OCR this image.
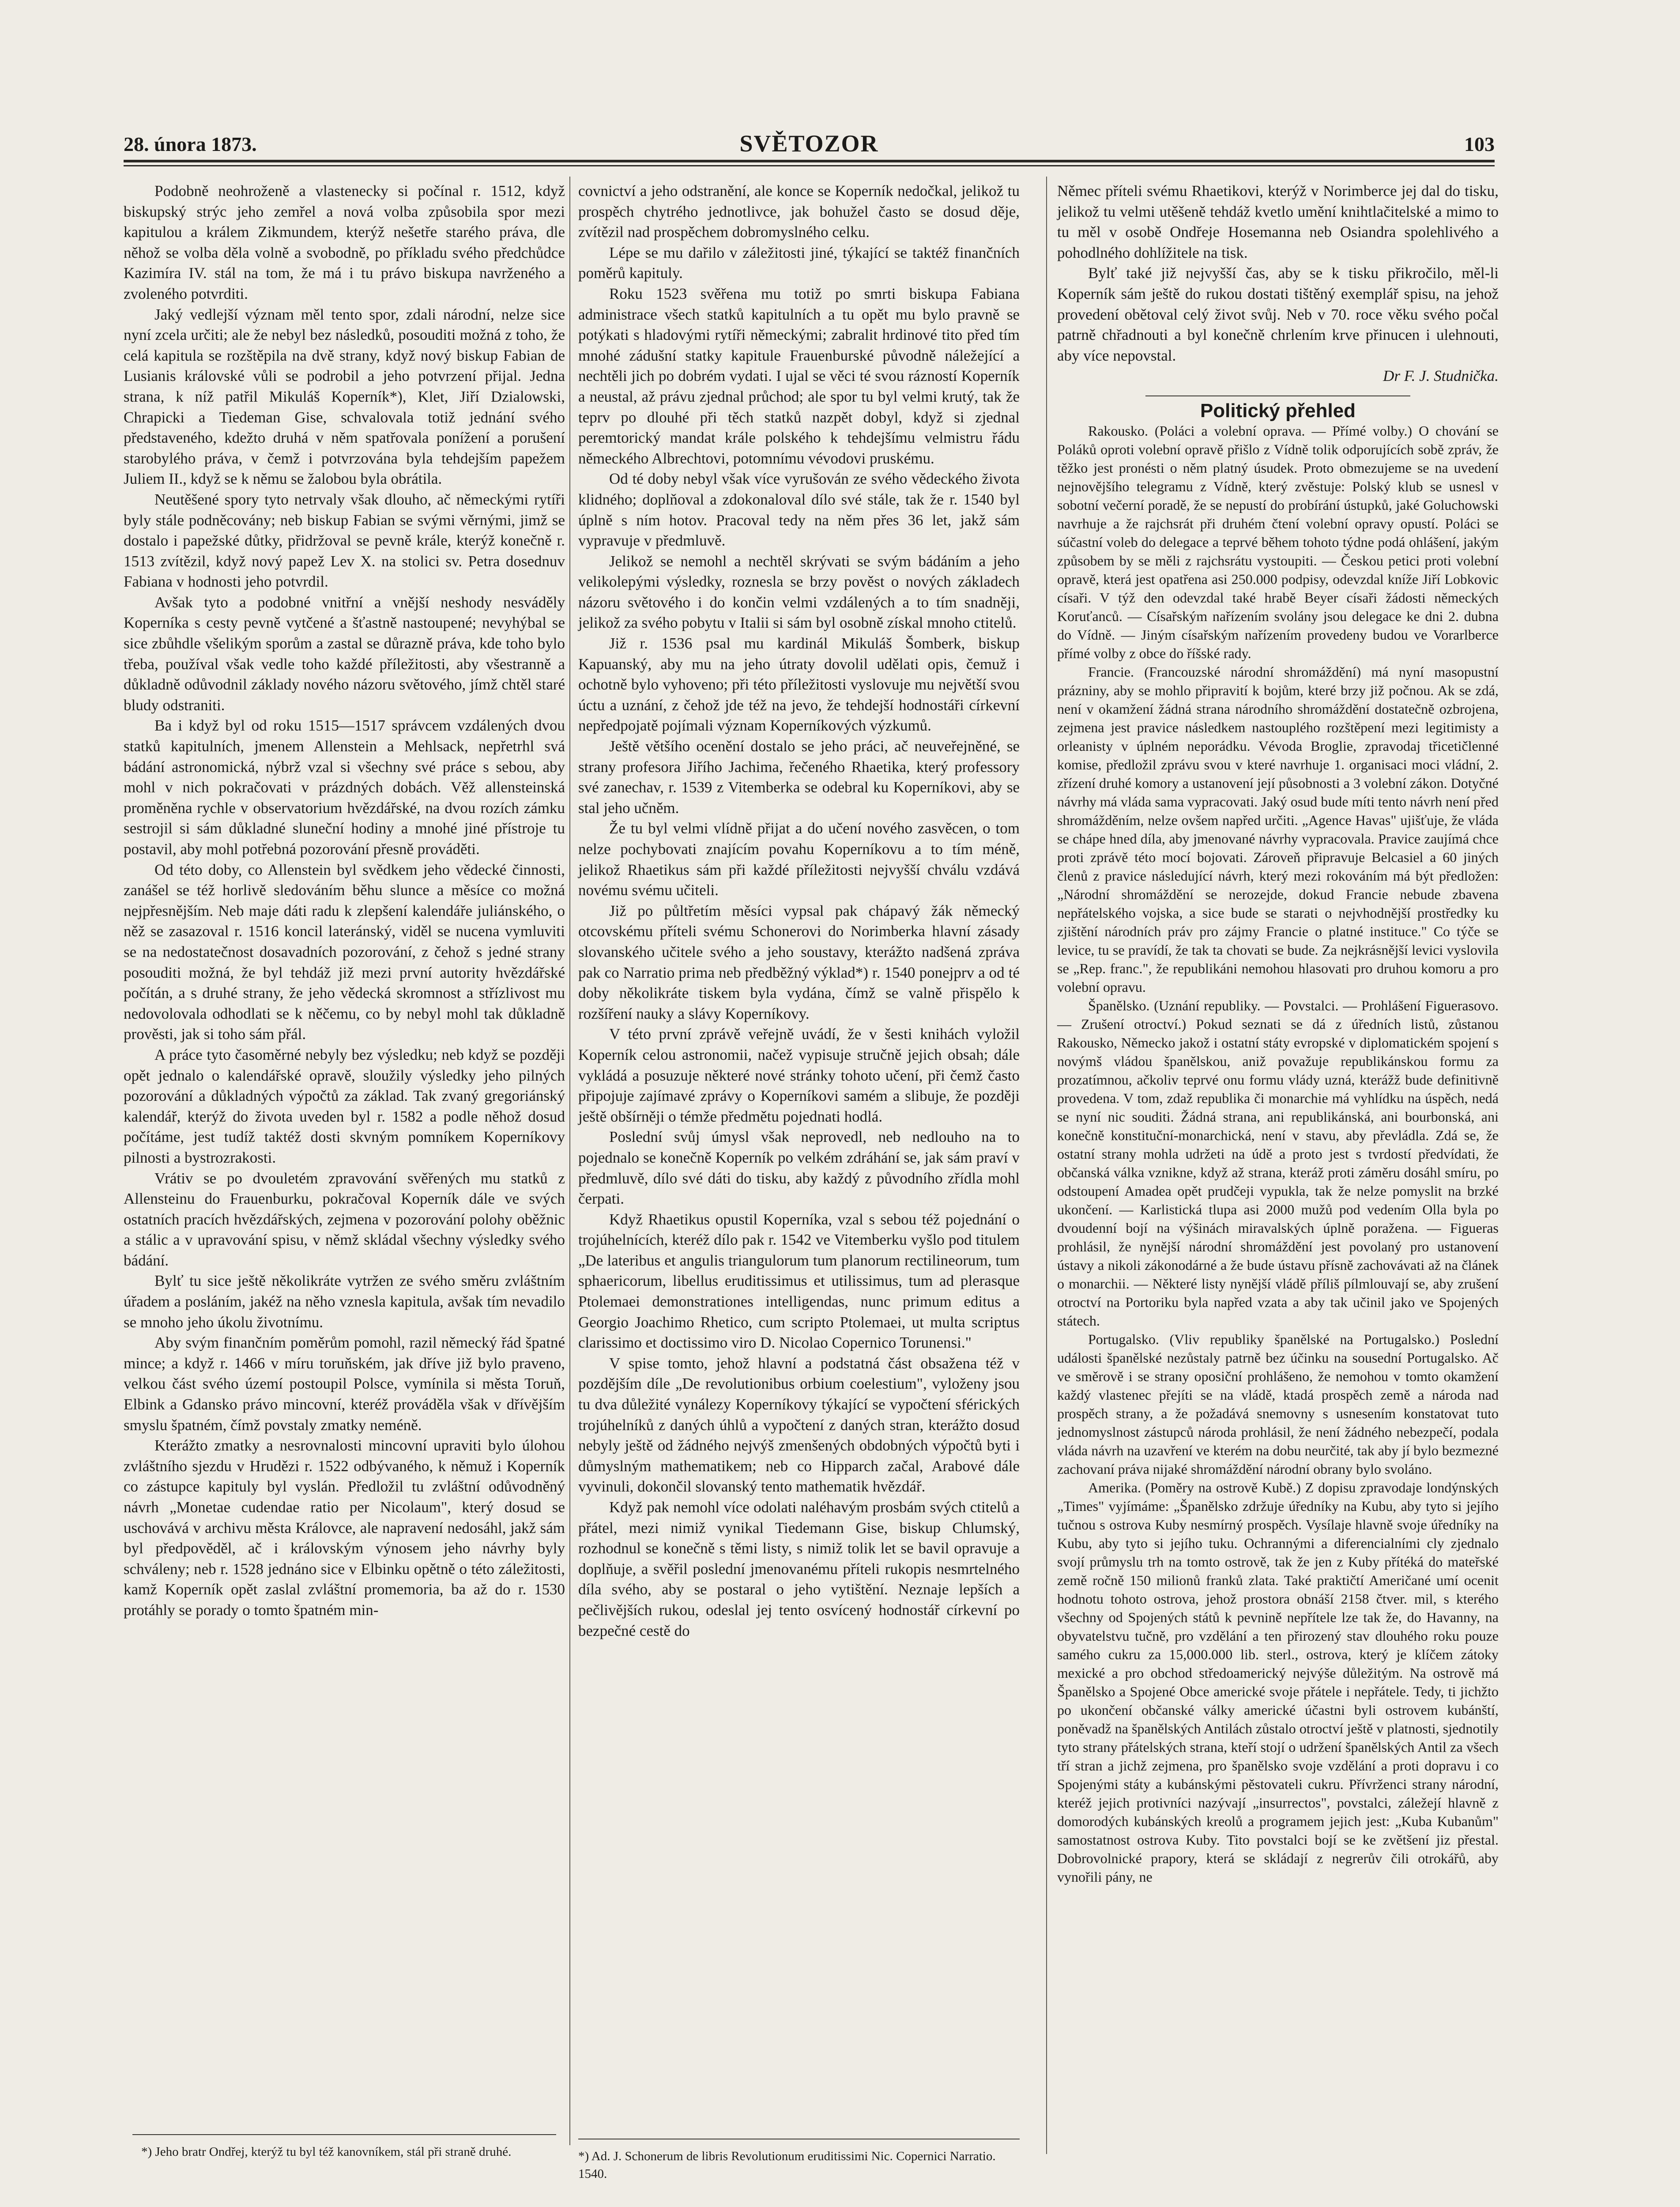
28. února 1873.	SVĚTOZOR	103

Podobně neohroženě a vlastenecky si počínal r. 1512, když biskupský strýc jeho zemřel a nová volba způsobila spor mezi kapitulou a králem Zikmundem, kterýž nešetře starého práva, dle něhož se volba děla volně a svobodně, po příkladu svého předchůdce Kazimíra IV. stál na tom, že má i tu právo biskupa navrženého a zvoleného potvrditi.

Jaký vedlejší význam měl tento spor, zdali národní, nelze sice nyní zcela určiti; ale že nebyl bez následků, posouditi možná z toho, že celá kapitula se rozštěpila na dvě strany, když nový biskup Fabian de Lusianis královské vůli se podrobil a jeho potvrzení přijal. Jedna strana, k níž patřil Mikuláš Koperník*), Klet, Jiří Dzialowski, Chrapicki a Tiedeman Gise, schvalovala totiž jednání svého představeného, kdežto druhá v něm spatřovala ponížení a porušení starobylého práva, v čemž i potvrzována byla tehdejším papežem Juliem II., když se k němu se žalobou byla obrátila.

Neutěšené spory tyto netrvaly však dlouho, ač německými rytíři byly stále podněcovány; neb biskup Fabian se svými věrnými, jimž se dostalo i papežské důtky, přidržoval se pevně krále, kterýž konečně r. 1513 zvítězil, když nový papež Lev X. na stolici sv. Petra dosednuv Fabiana v hodnosti jeho potvrdil.

Avšak tyto a podobné vnitřní a vnější neshody nesváděly Koperníka s cesty pevně vytčené a šťastně nastoupené; nevyhýbal se sice zbůhdle všelikým sporům a zastal se důrazně práva, kde toho bylo třeba, používal však vedle toho každé příležitosti, aby všestranně a důkladně odůvodnil základy nového názoru světového, jímž chtěl staré bludy odstraniti.

Ba i když byl od roku 1515—1517 správcem vzdálených dvou statků kapitulních, jmenem Allenstein a Mehlsack, nepřetrhl svá bádání astronomická, nýbrž vzal si všechny své práce s sebou, aby mohl v nich pokračovati v prázdných dobách. Věž allensteinská proměněna rychle v observatorium hvězdářské, na dvou rozích zámku sestrojil si sám důkladné sluneční hodiny a mnohé jiné přístroje tu postavil, aby mohl potřebná pozorování přesně prováděti.

Od této doby, co Allenstein byl svědkem jeho vědecké činnosti, zanášel se též horlivě sledováním běhu slunce a měsíce co možná nejpřesnějším. Neb maje dáti radu k zlepšení kalendáře juliánského, o něž se zasazoval r. 1516 koncil lateránský, viděl se nucena vymluviti se na nedostatečnost dosavadních pozorování, z čehož s jedné strany posouditi možná, že byl tehdáž již mezi první autority hvězdářské počítán, a s druhé strany, že jeho vědecká skromnost a střízlivost mu nedovolovala odhodlati se k něčemu, co by nebyl mohl tak důkladně prověsti, jak si toho sám přál.

A práce tyto časoměrné nebyly bez výsledku; neb když se později opět jednalo o kalendářské opravě, sloužily výsledky jeho pilných pozorování a důkladných výpočtů za základ. Tak zvaný gregoriánský kalendář, kterýž do života uveden byl r. 1582 a podle něhož dosud počítáme, jest tudíž taktéž dosti skvným pomníkem Koperníkovy pilnosti a bystrozrakosti.

Vrátiv se po dvouletém zpravování svěřených mu statků z Allensteinu do Frauenburku, pokračoval Koperník dále ve svých ostatních pracích hvězdářských, zejmena v pozorování polohy oběžnic a stálic a v upravování spisu, v němž skládal všechny výsledky svého bádání.

Bylť tu sice ještě několikráte vytržen ze svého směru zvláštním úřadem a posláním, jakéž na něho vznesla kapitula, avšak tím nevadilo se mnoho jeho úkolu životnímu.

Aby svým finančním poměrům pomohl, razil německý řád špatné mince; a když r. 1466 v míru toruňském, jak dříve již bylo praveno, velkou část svého území postoupil Polsce, vymínila si města Toruň, Elbink a Gdansko právo mincovní, kteréž prováděla však v dřívějším smyslu špatném, čímž povstaly zmatky neméně.

Kterážto zmatky a nesrovnalosti mincovní upraviti bylo úlohou zvláštního sjezdu v Hrudězi r. 1522 odbývaného, k němuž i Koperník co zástupce kapituly byl vyslán. Předložil tu zvláštní odůvodněný návrh „Monetae cudendae ratio per Nicolaum", který dosud se uschovává v archivu města Královce, ale napravení nedosáhl, jakž sám byl předpověděl, ač i královským výnosem jeho návrhy byly schváleny; neb r. 1528 jednáno sice v Elbinku opětně o této záležitosti, kamž Koperník opět zaslal zvláštní promemoria, ba až do r. 1530 protáhly se porady o tomto špatném min-

*) Jeho bratr Ondřej, kterýž tu byl též kanovníkem, stál při straně druhé.

covnictví a jeho odstranění, ale konce se Koperník nedočkal, jelikož tu prospěch chytrého jednotlivce, jak bohužel často se dosud děje, zvítězil nad prospěchem dobromyslného celku.

Lépe se mu dařilo v záležitosti jiné, týkající se taktéž finančních poměrů kapituly.

Roku 1523 svěřena mu totiž po smrti biskupa Fabiana administrace všech statků kapitulních a tu opět mu bylo pravně se potýkati s hladovými rytíři německými; zabralit hrdinové tito před tím mnohé zádušní statky kapitule Frauenburské původně náležející a nechtěli jich po dobrém vydati. I ujal se věci té svou rázností Koperník a neustal, až právu zjednal průchod; ale spor tu byl velmi krutý, tak že teprv po dlouhé při těch statků nazpět dobyl, když si zjednal peremtorický mandat krále polského k tehdejšímu velmistru řádu německého Albrechtovi, potomnímu vévodovi pruskému.

Od té doby nebyl však více vyrušován ze svého vědeckého života klidného; doplňoval a zdokonaloval dílo své stále, tak že r. 1540 byl úplně s ním hotov. Pracoval tedy na něm přes 36 let, jakž sám vypravuje v předmluvě.

Jelikož se nemohl a nechtěl skrývati se svým bádáním a jeho velikolepými výsledky, roznesla se brzy pověst o nových základech názoru světového i do končin velmi vzdálených a to tím snadněji, jelikož za svého pobytu v Italii si sám byl osobně získal mnoho ctitelů.

Již r. 1536 psal mu kardinál Mikuláš Šomberk, biskup Kapuanský, aby mu na jeho útraty dovolil udělati opis, čemuž i ochotně bylo vyhoveno; při této příležitosti vyslovuje mu největší svou úctu a uznání, z čehož jde též na jevo, že tehdejší hodnostáři církevní nepředpojatě pojímali význam Koperníkových výzkumů.

Ještě většího ocenění dostalo se jeho práci, ač neuveřejněné, se strany profesora Jiřího Jachima, řečeného Rhaetika, který professory své zanechav, r. 1539 z Vitemberka se odebral ku Koperníkovi, aby se stal jeho učněm.

Že tu byl velmi vlídně přijat a do učení nového zasvěcen, o tom nelze pochybovati znajícím povahu Koperníkovu a to tím méně, jelikož Rhaetikus sám při každé příležitosti nejvyšší chválu vzdává novému svému učiteli.

Již po půltřetím měsíci vypsal pak chápavý žák německý otcovskému příteli svému Schonerovi do Norimberka hlavní zásady slovanského učitele svého a jeho soustavy, kterážto nadšená zpráva pak co Narratio prima neb předběžný výklad*) r. 1540 ponejprv a od té doby několikráte tiskem byla vydána, čímž se valně přispělo k rozšíření nauky a slávy Koperníkovy.

V této první zprávě veřejně uvádí, že v šesti knihách vyložil Koperník celou astronomii, načež vypisuje stručně jejich obsah; dále vykládá a posuzuje některé nové stránky tohoto učení, při čemž často připojuje zajímavé zprávy o Koperníkovi samém a slibuje, že později ještě obšírněji o témže předmětu pojednati hodlá.

Poslední svůj úmysl však neprovedl, neb nedlouho na to pojednalo se konečně Koperník po velkém zdráhání se, jak sám praví v předmluvě, dílo své dáti do tisku, aby každý z původního zřídla mohl čerpati.

Když Rhaetikus opustil Koperníka, vzal s sebou též pojednání o trojúhelnících, kteréž dílo pak r. 1542 ve Vitemberku vyšlo pod titulem „De lateribus et angulis triangulorum tum planorum rectilineorum, tum sphaericorum, libellus eruditissimus et utilissimus, tum ad plerasque Ptolemaei demonstrationes intelligendas, nunc primum editus a Georgio Joachimo Rhetico, cum scripto Ptolemaei, ut multa scriptus clarissimo et doctissimo viro D. Nicolao Copernico Torunensi."

V spise tomto, jehož hlavní a podstatná část obsažena též v pozdějším díle „De revolutionibus orbium coelestium", vyloženy jsou tu dva důležité vynálezy Koperníkovy týkající se vypočtení sférických trojúhelníků z daných úhlů a vypočtení z daných stran, kterážto dosud nebyly ještě od žádného nejvýš zmenšených obdobných výpočtů byti i důmyslným mathematikem; neb co Hipparch začal, Arabové dále vyvinuli, dokončil slovanský tento mathematik hvězdář.

Když pak nemohl více odolati naléhavým prosbám svých ctitelů a přátel, mezi nimiž vynikal Tiedemann Gise, biskup Chlumský, rozhodnul se konečně s těmi listy, s nimiž tolik let se bavil opravuje a doplňuje, a svěřil poslední jmenovanému příteli rukopis nesmrtelného díla svého, aby se postaral o jeho vytištění. Neznaje lepších a pečlivějších rukou, odeslal jej tento osvícený hodnostář církevní po bezpečné cestě do

*) Ad. J. Schonerum de libris Revolutionum eruditissimi Nic. Copernici Narratio. 1540.

Němec příteli svému Rhaetikovi, kterýž v Norimberce jej dal do tisku, jelikož tu velmi utěšeně tehdáž kvetlo umění knihtlačitelské a mimo to tu měl v osobě Ondřeje Hosemanna neb Osiandra spolehlivého a pohodlného dohlížitele na tisk.

Bylť také již nejvyšší čas, aby se k tisku přikročilo, měl-li Koperník sám ještě do rukou dostati tištěný exemplář spisu, na jehož provedení obětoval celý život svůj. Neb v 70. roce věku svého počal patrně chřadnouti a byl konečně chrlením krve přinucen i ulehnouti, aby více nepovstal.

Dr F. J. Studnička.

Politický přehled

Rakousko. (Poláci a volební oprava. — Přímé volby.) O chování se Poláků oproti volební opravě přišlo z Vídně tolik odporujících sobě zpráv, že těžko jest pronésti o něm platný úsudek. Proto obmezujeme se na uvedení nejnovějšího telegramu z Vídně, který zvěstuje: Polský klub se usnesl v sobotní večerní poradě, že se nepustí do probírání ústupků, jaké Goluchowski navrhuje a že rajchsrát při druhém čtení volební opravy opustí. Poláci se súčastní voleb do delegace a teprvé během tohoto týdne podá ohlášení, jakým způsobem by se měli z rajchsrátu vystoupiti. — Českou petici proti volební opravě, která jest opatřena asi 250.000 podpisy, odevzdal kníže Jiří Lobkovic císaři. V týž den odevzdal také hrabě Beyer císaři žádosti německých Koruťanců. — Císařským nařízením svolány jsou delegace ke dni 2. dubna do Vídně. — Jiným císařským nařízením provedeny budou ve Vorarlberce přímé volby z obce do říšské rady.

Francie. (Francouzské národní shromáždění) má nyní masopustní prázniny, aby se mohlo připravití k bojům, které brzy již počnou. Ak se zdá, není v okamžení žádná strana národního shromáždění dostatečně ozbrojena, zejmena jest pravice následkem nastouplého rozštěpení mezi legitimisty a orleanisty v úplném neporádku. Vévoda Broglie, zpravodaj třicetičlenné komise, předložil zprávu svou v které navrhuje 1. organisaci moci vládní, 2. zřízení druhé komory a ustanovení její působnosti a 3 volební zákon. Dotyčné návrhy má vláda sama vypracovati. Jaký osud bude míti tento návrh není před shromážděním, nelze ovšem napřed určiti. „Agence Havas" ujišťuje, že vláda se chápe hned díla, aby jmenované návrhy vypracovala. Pravice zaujímá chce proti zprávě této mocí bojovati. Zároveň připravuje Belcasiel a 60 jiných členů z pravice následující návrh, který mezi rokováním má být předložen: „Národní shromáždění se nerozejde, dokud Francie nebude zbavena nepřátelského vojska, a sice bude se starati o nejvhodnější prostředky ku zjištění národních práv pro zájmy Francie o platné instituce." Co týče se levice, tu se pravídí, že tak ta chovati se bude. Za nejkrásnější levici vyslovila se „Rep. franc.", že republikáni nemohou hlasovati pro druhou komoru a pro volební opravu.

Španělsko. (Uznání republiky. — Povstalci. — Prohlášení Figuerasovo. — Zrušení otroctví.) Pokud seznati se dá z úředních listů, zůstanou Rakousko, Německo jakož i ostatní státy evropské v diplomatickém spojení s novýmš vládou španělskou, aniž považuje republikánskou formu za prozatímnou, ačkoliv teprvé onu formu vlády uzná, kterážž bude definitivně provedena. V tom, zdaž republika či monarchie má vyhlídku na úspěch, nedá se nyní nic souditi. Žádná strana, ani republikánská, ani bourbonská, ani konečně konstituční-monarchická, není v stavu, aby převládla. Zdá se, že ostatní strany mohla udržeti na údě a proto jest s tvrdostí předvídati, že občanská válka vznikne, když až strana, kteráž proti záměru dosáhl smíru, po odstoupení Amadea opět prudčeji vypukla, tak že nelze pomyslit na brzké ukončení. — Karlistická tlupa asi 2000 mužů pod vedením Olla byla po dvoudenní bojí na výšinách miravalských úplně poražena. — Figueras prohlásil, že nynější národní shromáždění jest povolaný pro ustanovení ústavy a nikoli zákonodárné a že bude ústavu přísně zachovávati až na článek o monarchii. — Některé listy nynější vládě příliš pílmlouvají se, aby zrušení otroctví na Portoriku byla napřed vzata a aby tak učinil jako ve Spojených státech.

Portugalsko. (Vliv republiky španělské na Portugalsko.) Poslední události španělské nezůstaly patrně bez účinku na sousední Portugalsko. Ač ve směrově i se strany oposiční prohlášeno, že nemohou v tomto okamžení každý vlastenec přejíti se na vládě, ktadá prospěch země a národa nad prospěch strany, a že požadává snemovny s usnesením konstatovat tuto jednomyslnost zástupců národa prohlásil, že není žádného nebezpečí, podala vláda návrh na uzavření ve kterém na dobu neurčité, tak aby jí bylo bezmezné zachovaní práva nijaké shromáždění národní obrany bylo svoláno.

Amerika. (Poměry na ostrově Kubě.) Z dopisu zpravodaje londýnských „Times" vyjímáme: „Španělsko zdržuje úředníky na Kubu, aby tyto si jejího tučnou s ostrova Kuby nesmírný prospěch. Vysílaje hlavně svoje úředníky na Kubu, aby tyto si jejího tuku. Ochrannými a diferencialními cly zjednalo svojí průmyslu trh na tomto ostrově, tak že jen z Kuby přítéká do mateřské země ročně 150 milionů franků zlata. Také praktičtí Američané umí ocenit hodnotu tohoto ostrova, jehož prostora obnáší 2158 čtver. mil, s kterého všechny od Spojených států k pevnině nepřítele lze tak že, do Havanny, na obyvatelstvu tučně, pro vzdělání a ten přirozený stav dlouhého roku pouze samého cukru za 15,000.000 lib. sterl., ostrova, který je klíčem zátoky mexické a pro obchod středoamerický nejvýše důležitým. Na ostrově má Španělsko a Spojené Obce americké svoje přátele i nepřátele. Tedy, ti jichžto po ukončení občanské války americké účastni byli ostrovem kubánští, poněvadž na španělských Antilách zůstalo otroctví ještě v platnosti, sjednotily tyto strany přátelských strana, kteří stojí o udržení španělských Antil za všech tří stran a jichž zejmena, pro španělsko svoje vzdělání a proti dopravu i co Spojenými státy a kubánskými pěstovateli cukru. Přívrženci strany národní, kteréž jejich protivníci nazývají „insurrectos", povstalci, záležejí hlavně z domorodých kubánských kreolů a programem jejich jest: „Kuba Kubanům" samostatnost ostrova Kuby. Tito povstalci bojí se ke zvětšení jiz přestal. Dobrovolnické prapory, která se skládají z negrerův čili otrokářů, aby vynořili pány, ne
